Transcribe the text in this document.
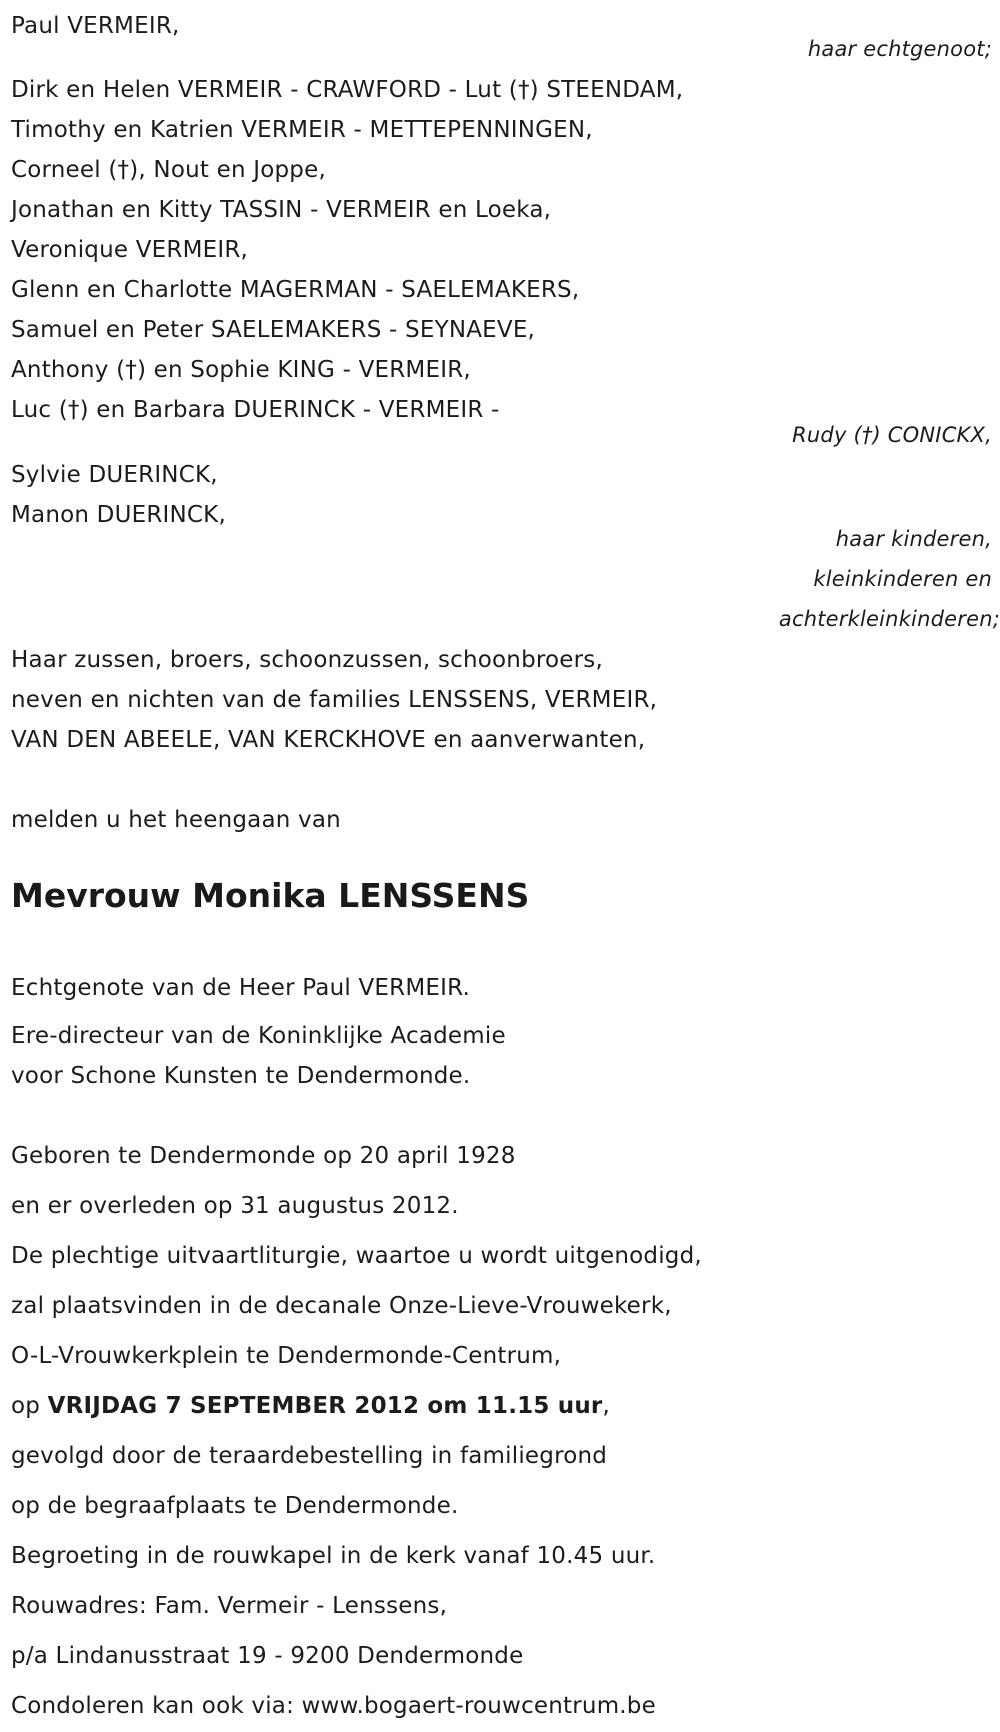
Paul VERMEIR,
haar echtgenoot;
Dirk en Helen VERMEIR - CRAWFORD - Lut (†) STEENDAM,
Timothy en Katrien VERMEIR - METTEPENNINGEN,
Corneel (†), Nout en Joppe,
Jonathan en Kitty TASSIN - VERMEIR en Loeka,
Veronique VERMEIR,
Glenn en Charlotte MAGERMAN - SAELEMAKERS,
Samuel en Peter SAELEMAKERS - SEYNAEVE,
Anthony (†) en Sophie KING - VERMEIR,
Luc (†) en Barbara DUERINCK - VERMEIR -
Rudy (†) CONICKX,
Sylvie DUERINCK,
Manon DUERINCK,
haar kinderen,
kleinkinderen en
achterkleinkinderen;
Haar zussen, broers, schoonzussen, schoonbroers,
neven en nichten van de families LENSSENS, VERMEIR,
VAN DEN ABEELE, VAN KERCKHOVE en aanverwanten,
melden u het heengaan van
Mevrouw Monika LENSSENS
Echtgenote van de Heer Paul VERMEIR.
Ere-directeur van de Koninklijke Academie
voor Schone Kunsten te Dendermonde.
Geboren te Dendermonde op 20 april 1928
en er overleden op 31 augustus 2012.
De plechtige uitvaartliturgie, waartoe u wordt uitgenodigd,
zal plaatsvinden in de decanale Onze-Lieve-Vrouwekerk,
O-L-Vrouwkerkplein te Dendermonde-Centrum,
op VRIJDAG 7 SEPTEMBER 2012 om 11.15 uur,
gevolgd door de teraardebestelling in familiegrond
op de begraafplaats te Dendermonde.
Begroeting in de rouwkapel in de kerk vanaf 10.45 uur.
Rouwadres: Fam. Vermeir - Lenssens,
p/a Lindanusstraat 19 - 9200 Dendermonde
Condoleren kan ook via: www.bogaert-rouwcentrum.be
